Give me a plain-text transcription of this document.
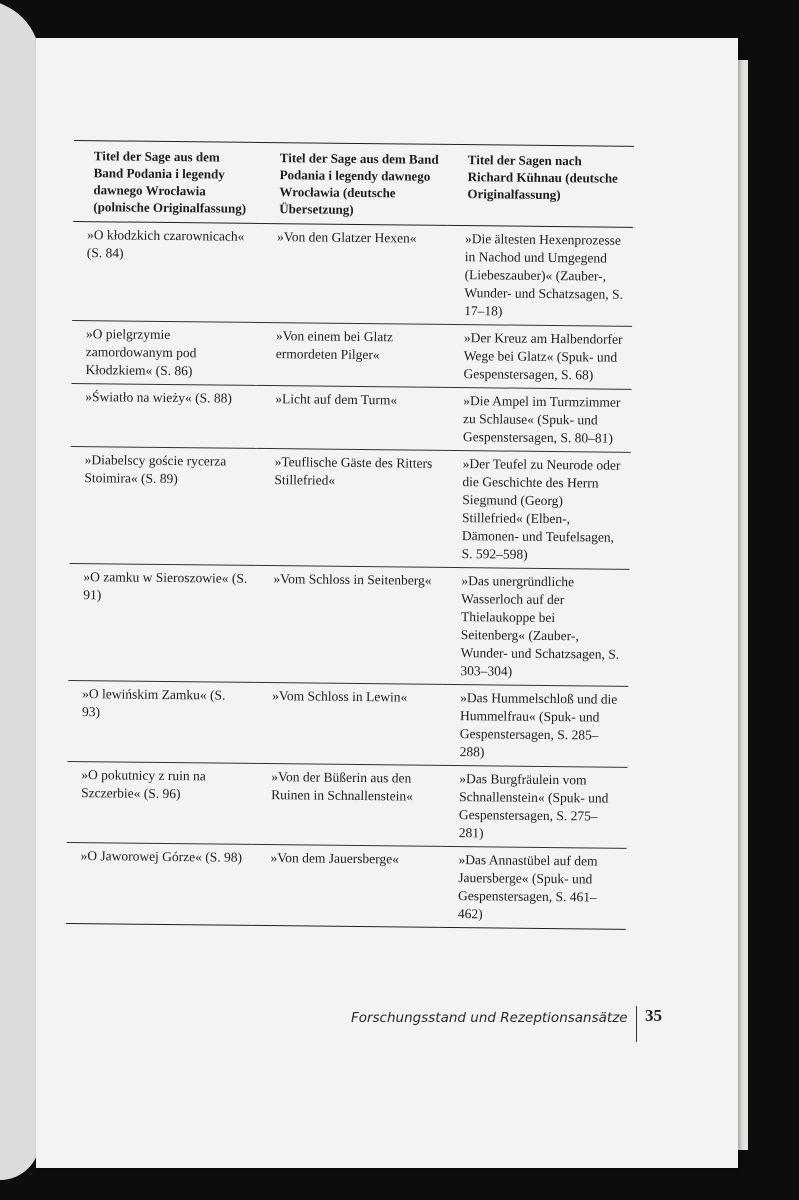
Titel der Sage aus dem Band Podania i legendy dawnego Wrocławia (polnische Originalfassung)	Titel der Sage aus dem Band Podania i legendy dawnego Wrocławia (deutsche Übersetzung)	Titel der Sagen nach Richard Kühnau (deutsche Originalfassung)
»O kłodzkich czarownicach« (S. 84)	»Von den Glatzer Hexen«	»Die ältesten Hexenprozesse in Nachod und Umgegend (Liebeszauber)« (Zauber-, Wunder- und Schatzsagen, S. 17–18)
»O pielgrzymie zamordowanym pod Kłodzkiem« (S. 86)	»Von einem bei Glatz ermordeten Pilger«	»Der Kreuz am Halbendorfer Wege bei Glatz« (Spuk- und Gespenstersagen, S. 68)
»Światło na wieży« (S. 88)	»Licht auf dem Turm«	»Die Ampel im Turmzimmer zu Schlause« (Spuk- und Gespenstersagen, S. 80–81)
»Diabelscy goście rycerza Stoimira« (S. 89)	»Teuflische Gäste des Ritters Stillefried«	»Der Teufel zu Neurode oder die Geschichte des Herrn Siegmund (Georg) Stillefried« (Elben-, Dämonen- und Teufelsagen, S. 592–598)
»O zamku w Sieroszowie« (S. 91)	»Vom Schloss in Seitenberg«	»Das unergründliche Wasserloch auf der Thielaukoppe bei Seitenberg« (Zauber-, Wunder- und Schatzsagen, S. 303–304)
»O lewińskim Zamku« (S. 93)	»Vom Schloss in Lewin«	»Das Hummelschloß und die Hummelfrau« (Spuk- und Gespenstersagen, S. 285–288)
»O pokutnicy z ruin na Szczerbie« (S. 96)	»Von der Büßerin aus den Ruinen in Schnallenstein«	»Das Burgfräulein vom Schnallenstein« (Spuk- und Gespenstersagen, S. 275–281)
»O Jaworowej Górze« (S. 98)	»Von dem Jauersberge«	»Das Annastübel auf dem Jauersberge« (Spuk- und Gespenstersagen, S. 461–462)
Forschungsstand und Rezeptionsansätze	35
